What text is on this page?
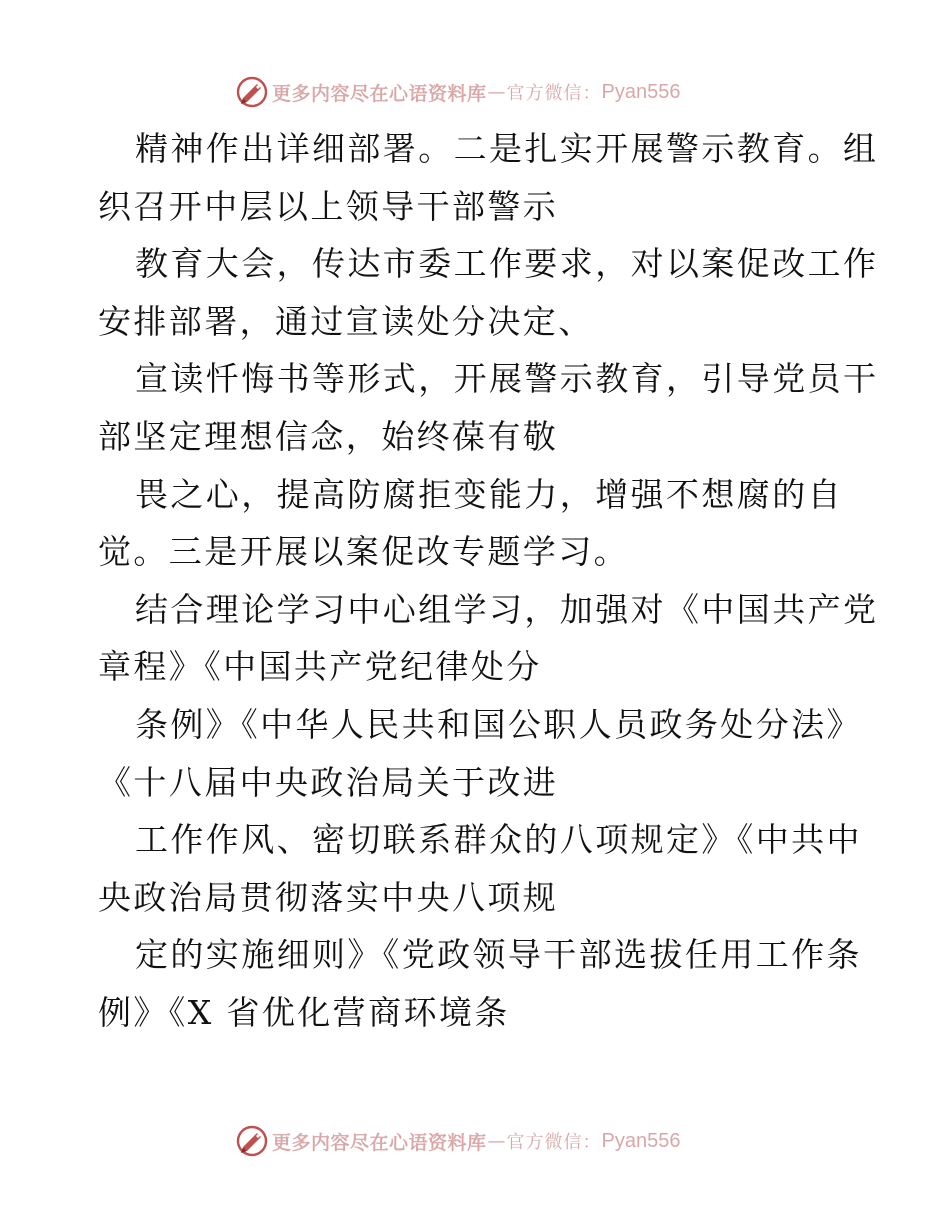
更多内容尽在心语资料库 — 官方微信： Pyan556
精神作出详细部署。二是扎实开展警示教育。组
织召开中层以上领导干部警示
教育大会，传达市委工作要求，对以案促改工作
安排部署，通过宣读处分决定、
宣读忏悔书等形式，开展警示教育，引导党员干
部坚定理想信念，始终葆有敬
畏之心，提高防腐拒变能力，增强不想腐的自
觉。三是开展以案促改专题学习。
结合理论学习中心组学习，加强对《中国共产党
章程》《中国共产党纪律处分
条例》《中华人民共和国公职人员政务处分法》
《十八届中央政治局关于改进
工作作风、密切联系群众的八项规定》《中共中
央政治局贯彻落实中央八项规
定的实施细则》《党政领导干部选拔任用工作条
例》《X 省优化营商环境条
更多内容尽在心语资料库 — 官方微信： Pyan556
